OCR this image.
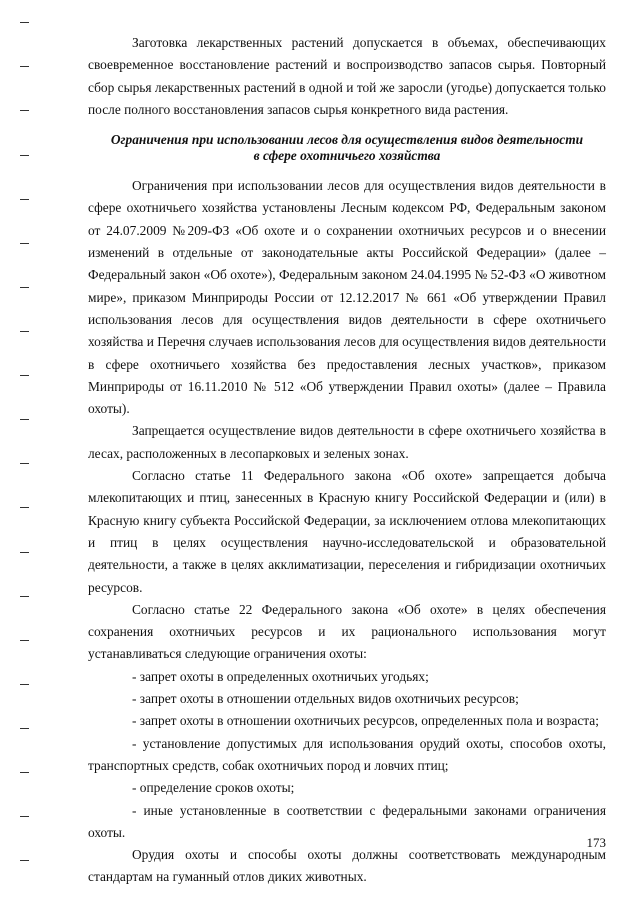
Заготовка лекарственных растений допускается в объемах, обеспечивающих своевременное восстановление растений и воспроизводство запасов сырья. Повторный сбор сырья лекарственных растений в одной и той же заросли (угодье) допускается только после полного восстановления запасов сырья конкретного вида растения.

Ограничения при использовании лесов для осуществления видов деятельности
в сфере охотничьего хозяйства

Ограничения при использовании лесов для осуществления видов деятельности в сфере охотничьего хозяйства установлены Лесным кодексом РФ, Федеральным законом от 24.07.2009 №209-ФЗ «Об охоте и о сохранении охотничьих ресурсов и о внесении изменений в отдельные от законодательные акты Российской Федерации» (далее – Федеральный закон «Об охоте»), Федеральным законом 24.04.1995 № 52-ФЗ «О животном мире», приказом Минприроды России от 12.12.2017 № 661 «Об утверждении Правил использования лесов для осуществления видов деятельности в сфере охотничьего хозяйства и Перечня случаев использования лесов для осуществления видов деятельности в сфере охотничьего хозяйства без предоставления лесных участков», приказом Минприроды от 16.11.2010 № 512 «Об утверждении Правил охоты» (далее – Правила охоты).

Запрещается осуществление видов деятельности в сфере охотничьего хозяйства в лесах, расположенных в лесопарковых и зеленых зонах.

Согласно статье 11 Федерального закона «Об охоте» запрещается добыча млекопитающих и птиц, занесенных в Красную книгу Российской Федерации и (или) в Красную книгу субъекта Российской Федерации, за исключением отлова млекопитающих и птиц в целях осуществления научно-исследовательской и образовательной деятельности, а также в целях акклиматизации, переселения и гибридизации охотничьих ресурсов.

Согласно статье 22 Федерального закона «Об охоте» в целях обеспечения сохранения охотничьих ресурсов и их рационального использования могут устанавливаться следующие ограничения охоты:

- запрет охоты в определенных охотничьих угодьях;

- запрет охоты в отношении отдельных видов охотничьих ресурсов;

- запрет охоты в отношении охотничьих ресурсов, определенных пола и возраста;

- установление допустимых для использования орудий охоты, способов охоты, транспортных средств, собак охотничьих пород и ловчих птиц;

- определение сроков охоты;

- иные установленные в соответствии с федеральными законами ограничения охоты.

Орудия охоты и способы охоты должны соответствовать международным стандартам на гуманный отлов диких животных.

173
